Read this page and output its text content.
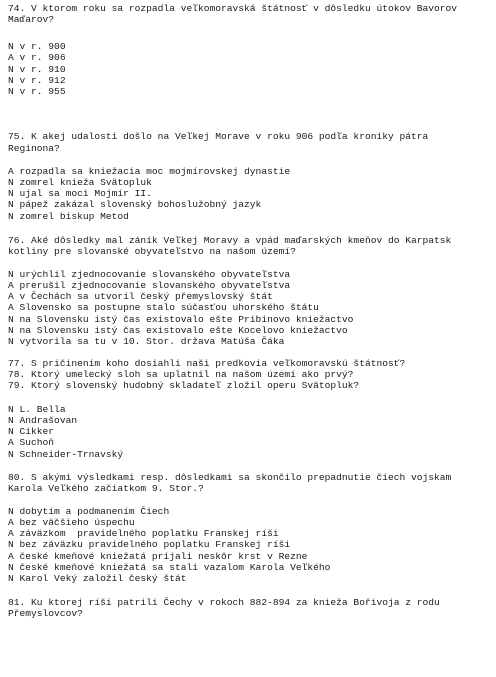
74. V ktorom roku sa rozpadla veľkomoravská štátnosť v dôsledku útokov Bavorov

Maďarov?

N v r. 900

A v r. 906

N v r. 910

N v r. 912

N v r. 955

75. K akej udalosti došlo na Veľkej Morave v roku 906 podľa kroniky pátra

Reginona?

A rozpadla sa kniežacia moc mojmírovskej dynastie

N zomrel knieža Svätopluk

N ujal sa moci Mojmír II.

N pápež zakázal slovenský bohoslužobný jazyk

N zomrel biskup Metod

76. Aké dôsledky mal zánik Veľkej Moravy a vpád maďarských kmeňov do Karpatsk

kotliny pre slovanské obyvateľstvo na našom území?

N urýchlil zjednocovanie slovanského obyvateľstva

A prerušil zjednocovanie slovanského obyvateľstva

A v Čechách sa utvoril český přemyslovský štát

A Slovensko sa postupne stalo súčasťou uhorského štátu

N na Slovensku istý čas existovalo ešte Pribinovo kniežactvo

N na Slovensku istý čas existovalo ešte Kocelovo kniežactvo

N vytvorila sa tu v 10. Stor. država Matúša Čáka

77. S pričinením koho dosiahli naši predkovia veľkomoravskú štátnosť?

78. Ktorý umelecký sloh sa uplatnil na našom území ako prvý?

79. Ktorý slovenský hudobný skladateľ zložil operu Svätopluk?

N L. Bella

N Andrašovan

N Cikker

A Suchoň

N Schneider-Trnavský

80. S akými výsledkami resp. dôsledkami sa skončilo prepadnutie čiech vojskam

Karola Veľkého začiatkom 9. Stor.?

N dobytím a podmanením Čiech

A bez väčšieho úspechu

A záväzkom  pravidelného poplatku Franskej ríši

N bez záväzku pravidelného poplatku Franskej ríši

A české kmeňové kniežatá prijali neskôr krst v Rezne

N české kmeňové kniežatá sa stali vazalom Karola Veľkého

N Karol Veký založil český štát

81. Ku ktorej ríši patrili Čechy v rokoch 882-894 za knieža Bořivoja z rodu

Přemyslovcov?
